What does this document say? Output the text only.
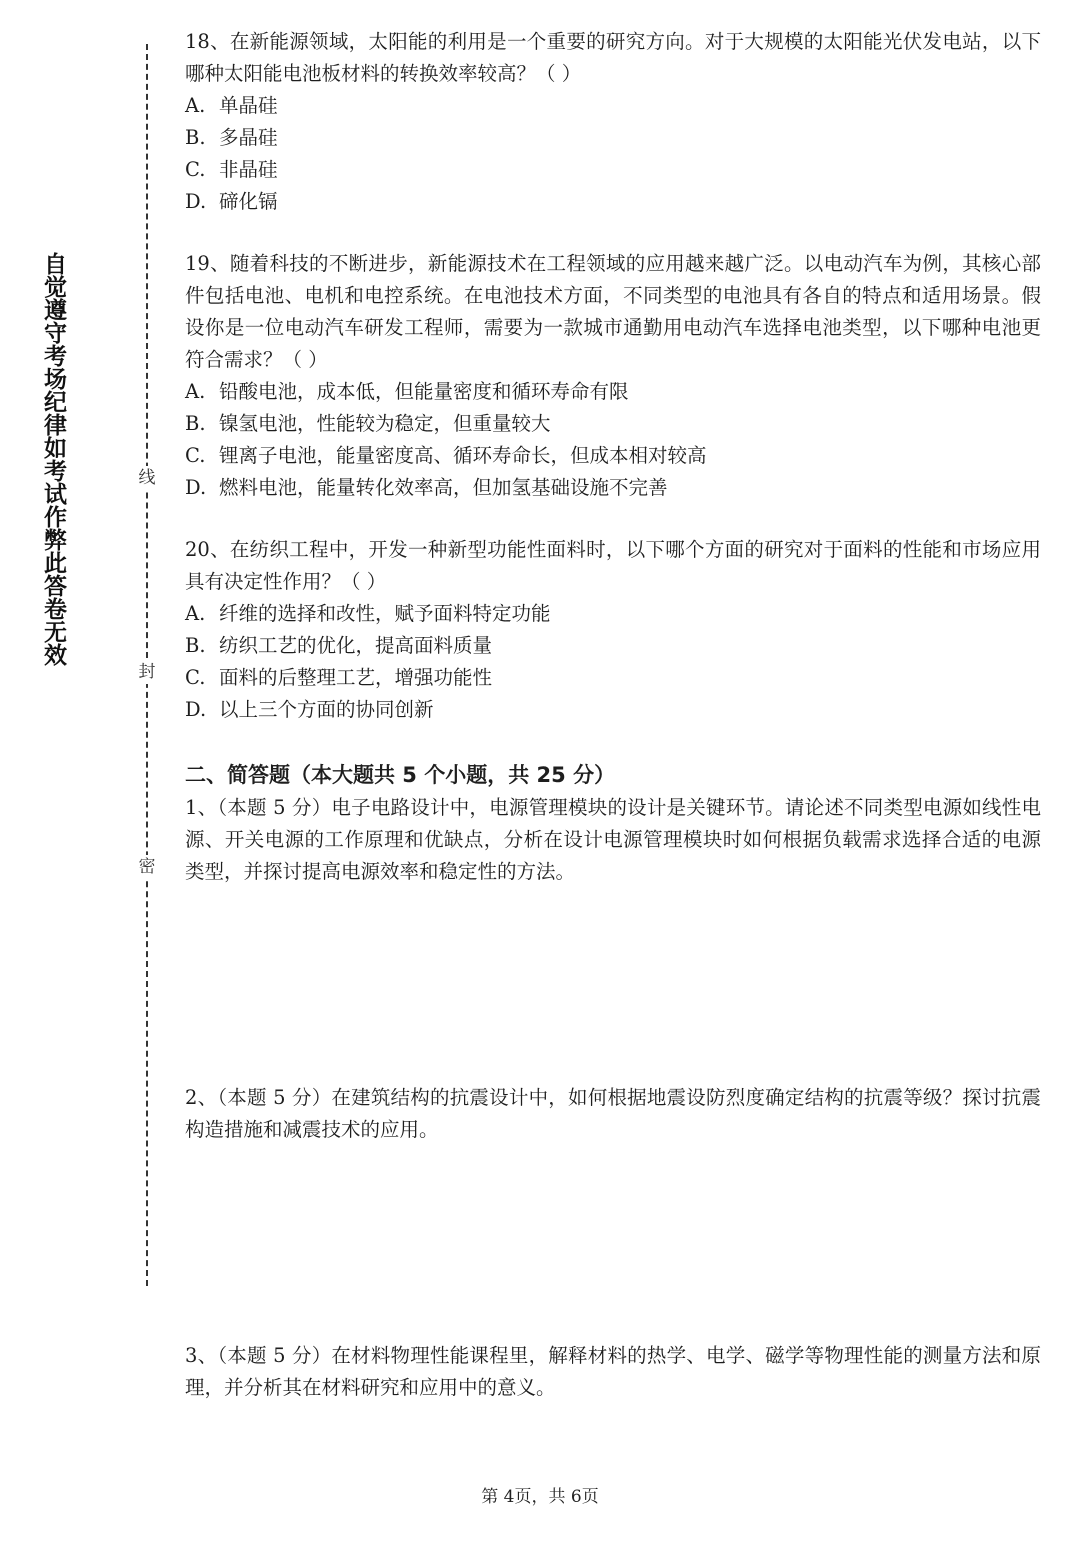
自觉遵守考场纪律如考试作弊此答卷无效	线
封
密

18、在新能源领域，太阳能的利用是一个重要的研究方向。对于大规模的太阳能光伏发电站，以下哪种太阳能电池板材料的转换效率较高？（ ）

A. 单晶硅

B. 多晶硅

C. 非晶硅

D. 碲化镉

19、随着科技的不断进步，新能源技术在工程领域的应用越来越广泛。以电动汽车为例，其核心部件包括电池、电机和电控系统。在电池技术方面，不同类型的电池具有各自的特点和适用场景。假设你是一位电动汽车研发工程师，需要为一款城市通勤用电动汽车选择电池类型，以下哪种电池更符合需求？（ ）

A. 铅酸电池，成本低，但能量密度和循环寿命有限

B. 镍氢电池，性能较为稳定，但重量较大

C. 锂离子电池，能量密度高、循环寿命长，但成本相对较高

D. 燃料电池，能量转化效率高，但加氢基础设施不完善

20、在纺织工程中，开发一种新型功能性面料时，以下哪个方面的研究对于面料的性能和市场应用具有决定性作用？（ ）

A. 纤维的选择和改性，赋予面料特定功能

B. 纺织工艺的优化，提高面料质量

C. 面料的后整理工艺，增强功能性

D. 以上三个方面的协同创新

二、简答题（本大题共 5 个小题，共 25 分）

1、（本题 5 分）电子电路设计中，电源管理模块的设计是关键环节。请论述不同类型电源如线性电源、开关电源的工作原理和优缺点，分析在设计电源管理模块时如何根据负载需求选择合适的电源类型，并探讨提高电源效率和稳定性的方法。

2、（本题 5 分）在建筑结构的抗震设计中，如何根据地震设防烈度确定结构的抗震等级？探讨抗震构造措施和减震技术的应用。

3、（本题 5 分）在材料物理性能课程里，解释材料的热学、电学、磁学等物理性能的测量方法和原理，并分析其在材料研究和应用中的意义。

第 4页，共 6页
